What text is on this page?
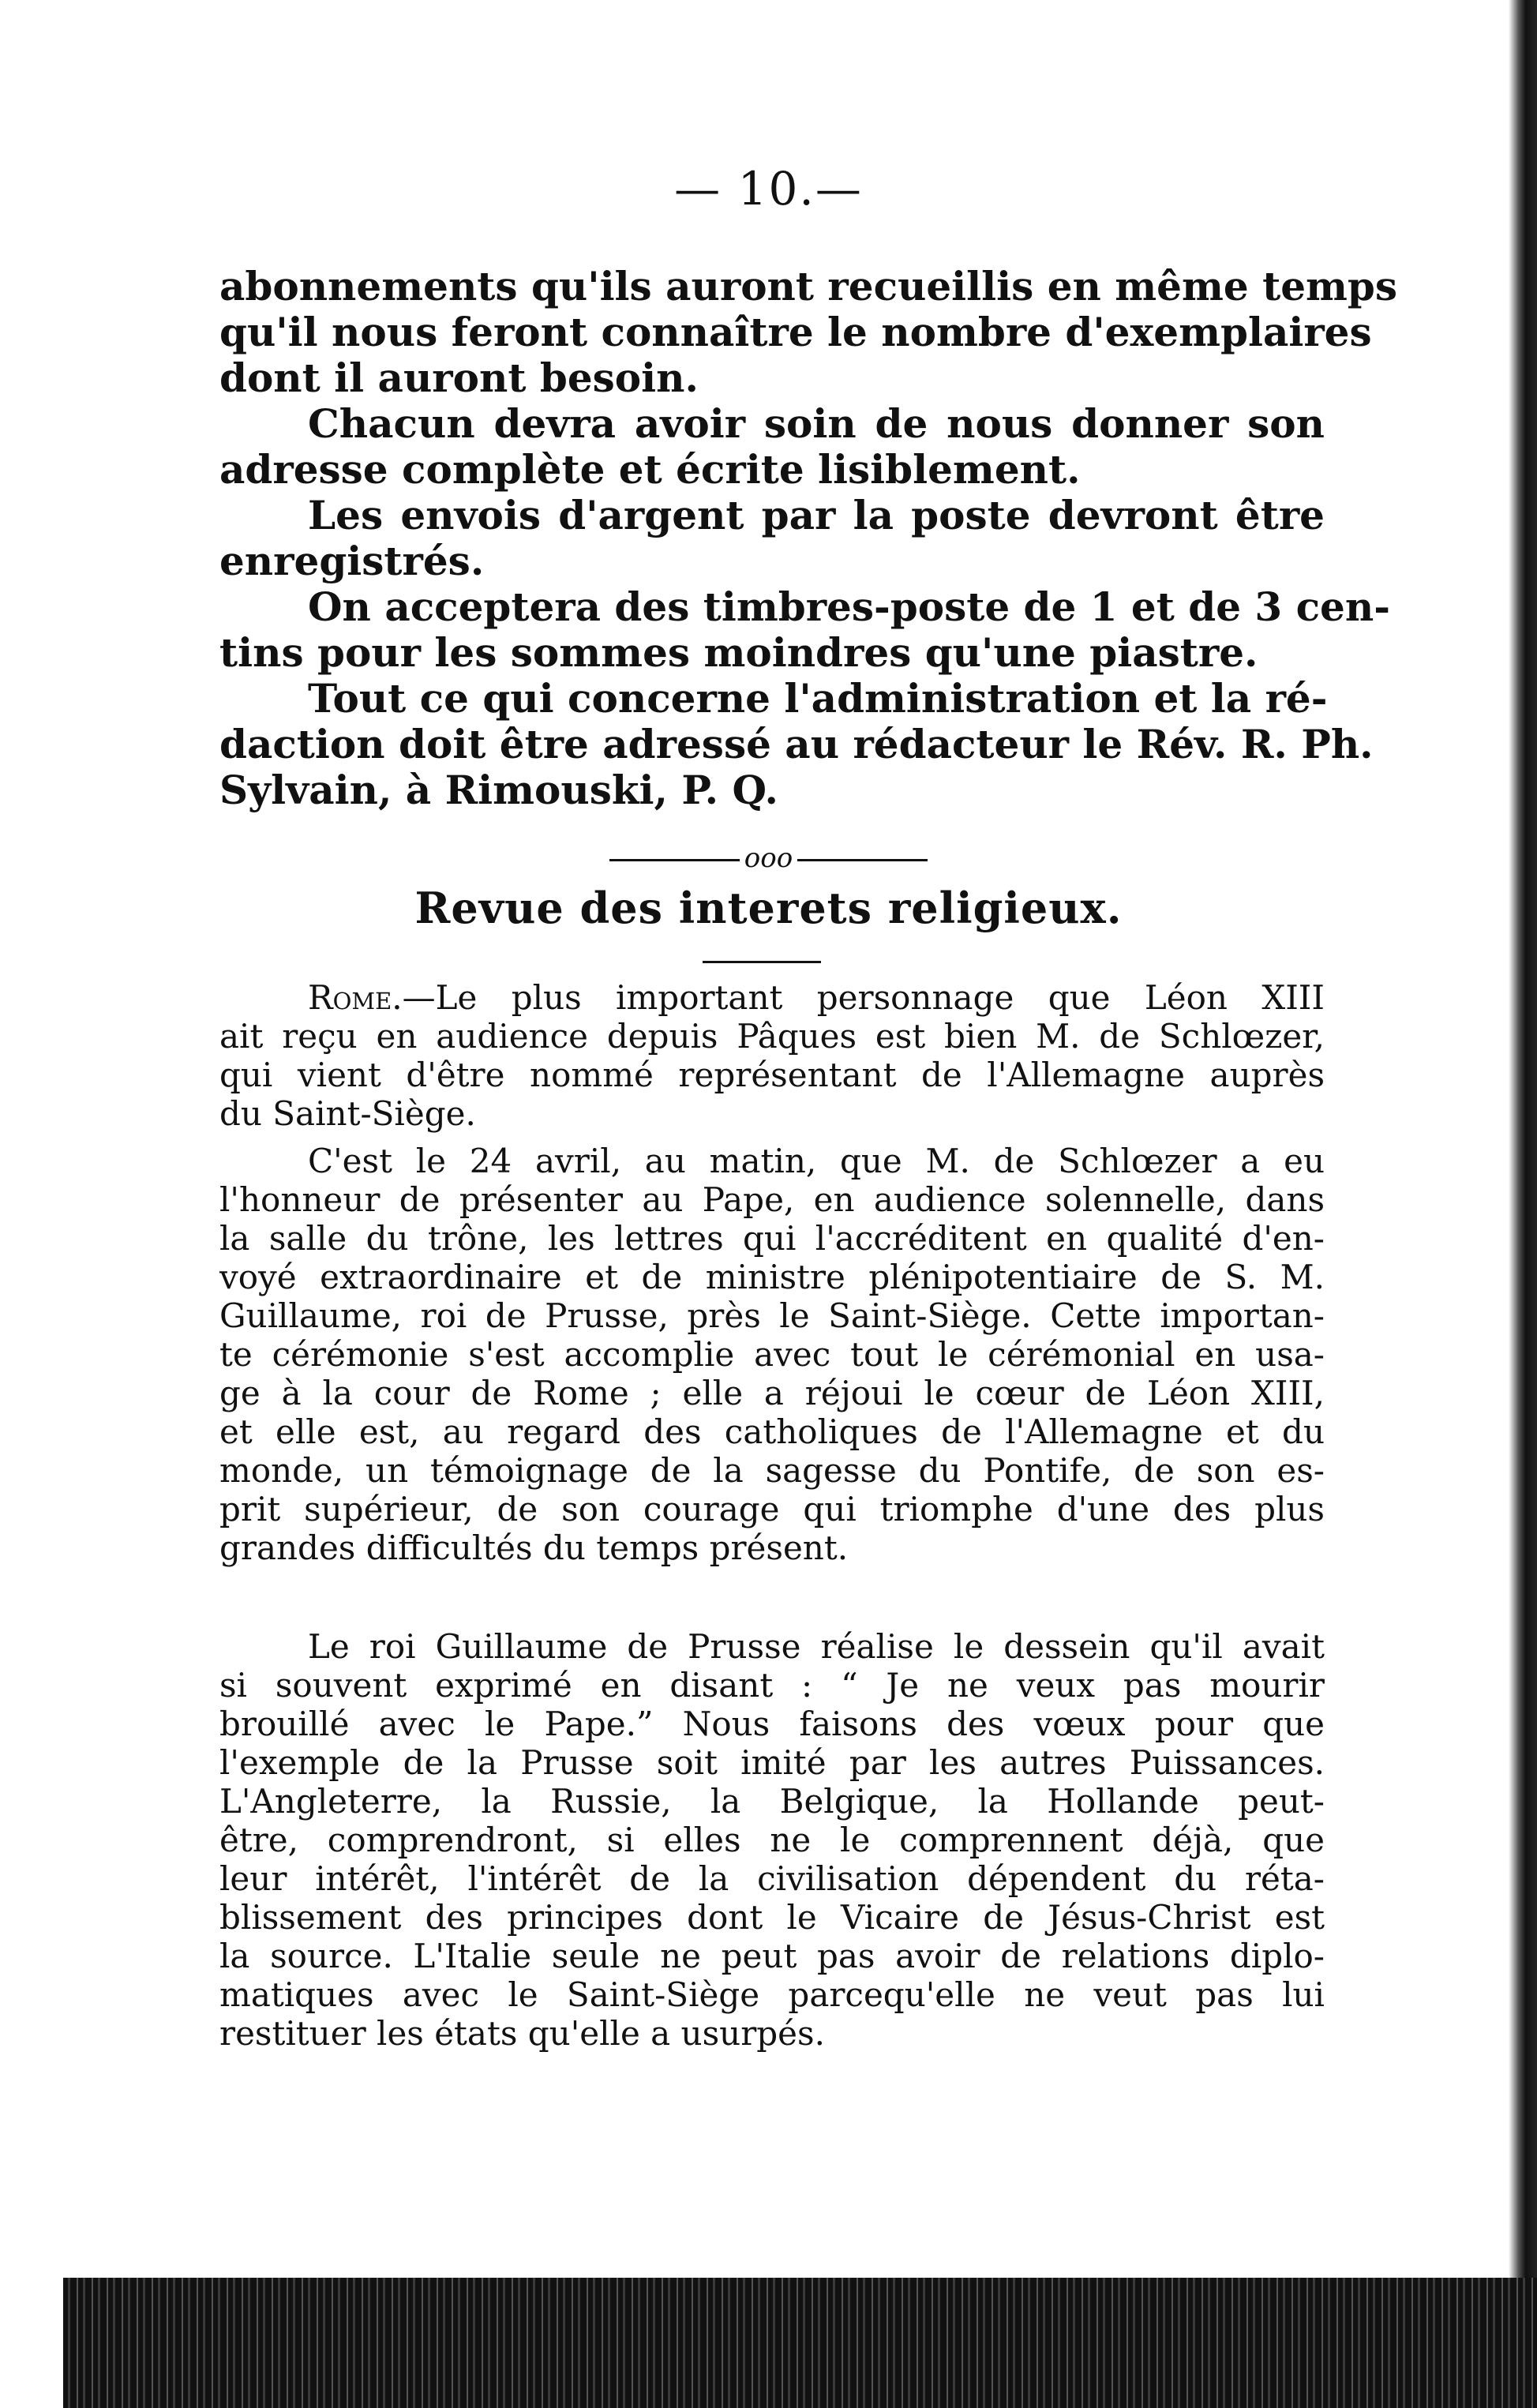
— 10.—
abonnements qu'ils auront recueillis en même temps
qu'il nous feront connaître le nombre d'exemplaires
dont il auront besoin.
Chacun devra avoir soin de nous donner son
adresse complète et écrite lisiblement.
Les envois d'argent par la poste devront être
enregistrés.
On acceptera des timbres-poste de 1 et de 3 cen-
tins pour les sommes moindres qu'une piastre.
Tout ce qui concerne l'administration et la ré-
daction doit être adressé au rédacteur le Rév. R. Ph.
Sylvain, à Rimouski, P. Q.
ooo
Revue des interets religieux.
Rome.—Le plus important personnage que Léon XIII
ait reçu en audience depuis Pâques est bien M. de Schlœzer,
qui vient d'être nommé représentant de l'Allemagne auprès
du Saint-Siège.
C'est le 24 avril, au matin, que M. de Schlœzer a eu
l'honneur de présenter au Pape, en audience solennelle, dans
la salle du trône, les lettres qui l'accréditent en qualité d'en-
voyé extraordinaire et de ministre plénipotentiaire de S. M.
Guillaume, roi de Prusse, près le Saint-Siège. Cette importan-
te cérémonie s'est accomplie avec tout le cérémonial en usa-
ge à la cour de Rome ; elle a réjoui le cœur de Léon XIII,
et elle est, au regard des catholiques de l'Allemagne et du
monde, un témoignage de la sagesse du Pontife, de son es-
prit supérieur, de son courage qui triomphe d'une des plus
grandes difficultés du temps présent.
Le roi Guillaume de Prusse réalise le dessein qu'il avait
si souvent exprimé en disant : “ Je ne veux pas mourir
brouillé avec le Pape.” Nous faisons des vœux pour que
l'exemple de la Prusse soit imité par les autres Puissances.
L'Angleterre, la Russie, la Belgique, la Hollande peut-
être, comprendront, si elles ne le comprennent déjà, que
leur intérêt, l'intérêt de la civilisation dépendent du réta-
blissement des principes dont le Vicaire de Jésus-Christ est
la source. L'Italie seule ne peut pas avoir de relations diplo-
matiques avec le Saint-Siège parcequ'elle ne veut pas lui
restituer les états qu'elle a usurpés.
